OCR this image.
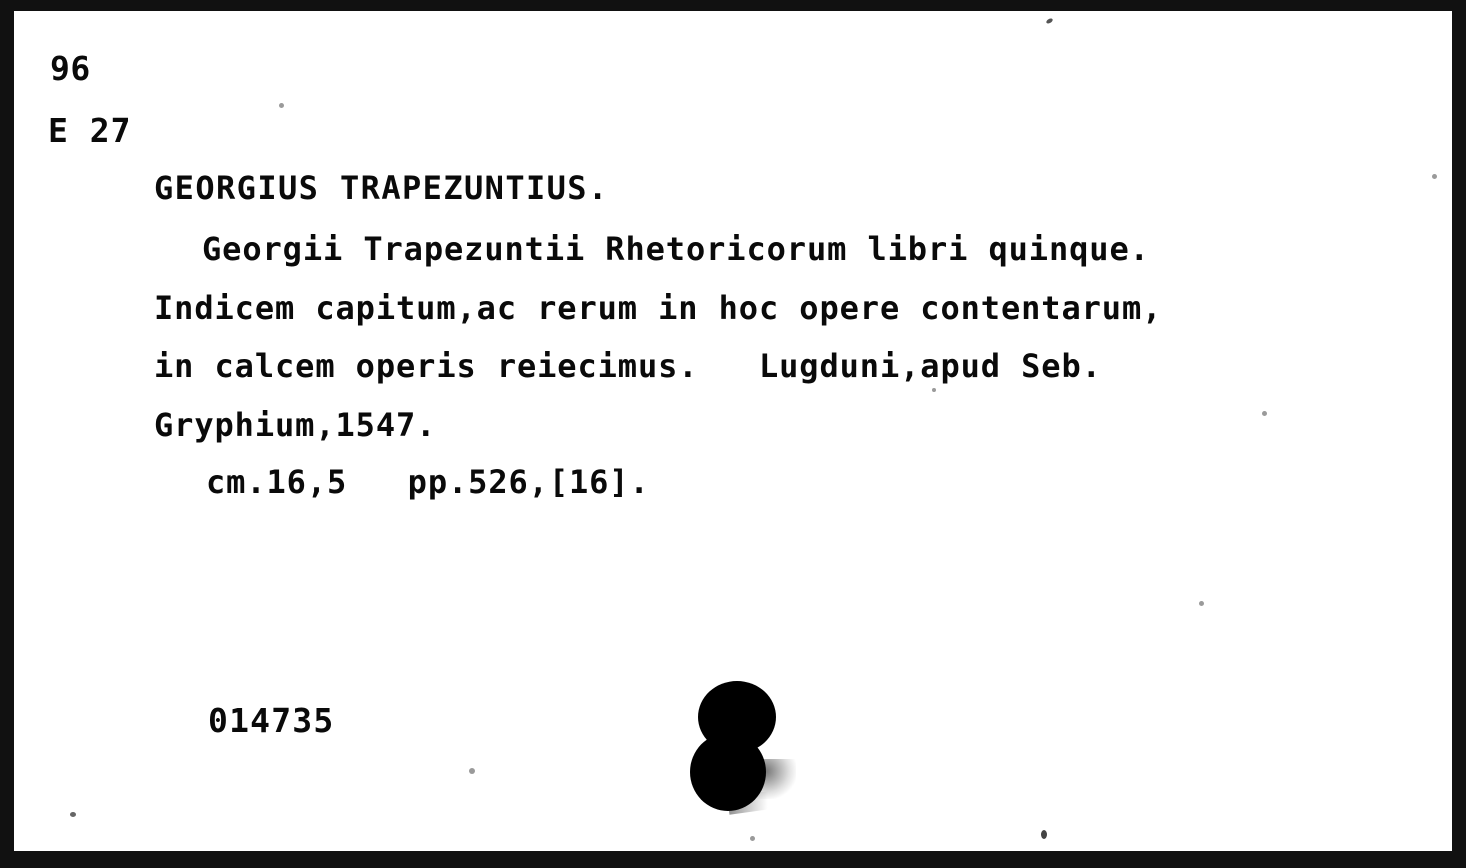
96
E 27
GEORGIUS TRAPEZUNTIUS.
Georgii Trapezuntii Rhetoricorum libri quinque.
Indicem capitum,ac rerum in hoc opere contentarum,
in calcem operis reiecimus.   Lugduni,apud Seb.
Gryphium,1547.
cm.16,5   pp.526,[16].
014735
